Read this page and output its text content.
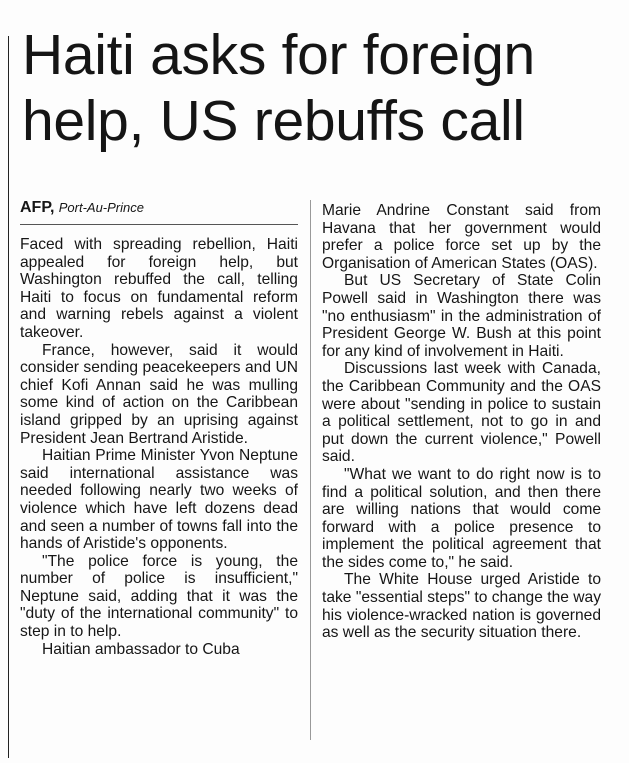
Haiti asks for foreign help, US rebuffs call
AFP, Port-Au-Prince

Faced with spreading rebellion, Haiti appealed for foreign help, but Washington rebuffed the call, telling Haiti to focus on fundamental reform and warning rebels against a violent takeover.

France, however, said it would consider sending peacekeepers and UN chief Kofi Annan said he was mulling some kind of action on the Caribbean island gripped by an uprising against President Jean Bertrand Aristide.

Haitian Prime Minister Yvon Neptune said international assistance was needed following nearly two weeks of violence which have left dozens dead and seen a number of towns fall into the hands of Aristide's opponents.

"The police force is young, the number of police is insufficient," Neptune said, adding that it was the "duty of the international community" to step in to help.

Haitian ambassador to Cuba

Marie Andrine Constant said from Havana that her government would prefer a police force set up by the Organisation of American States (OAS).

But US Secretary of State Colin Powell said in Washington there was "no enthusiasm" in the administration of President George W. Bush at this point for any kind of involvement in Haiti.

Discussions last week with Canada, the Caribbean Community and the OAS were about "sending in police to sustain a political settlement, not to go in and put down the current violence," Powell said.

"What we want to do right now is to find a political solution, and then there are willing nations that would come forward with a police presence to implement the political agreement that the sides come to," he said.

The White House urged Aristide to take "essential steps" to change the way his violence-wracked nation is governed as well as the security situation there.
